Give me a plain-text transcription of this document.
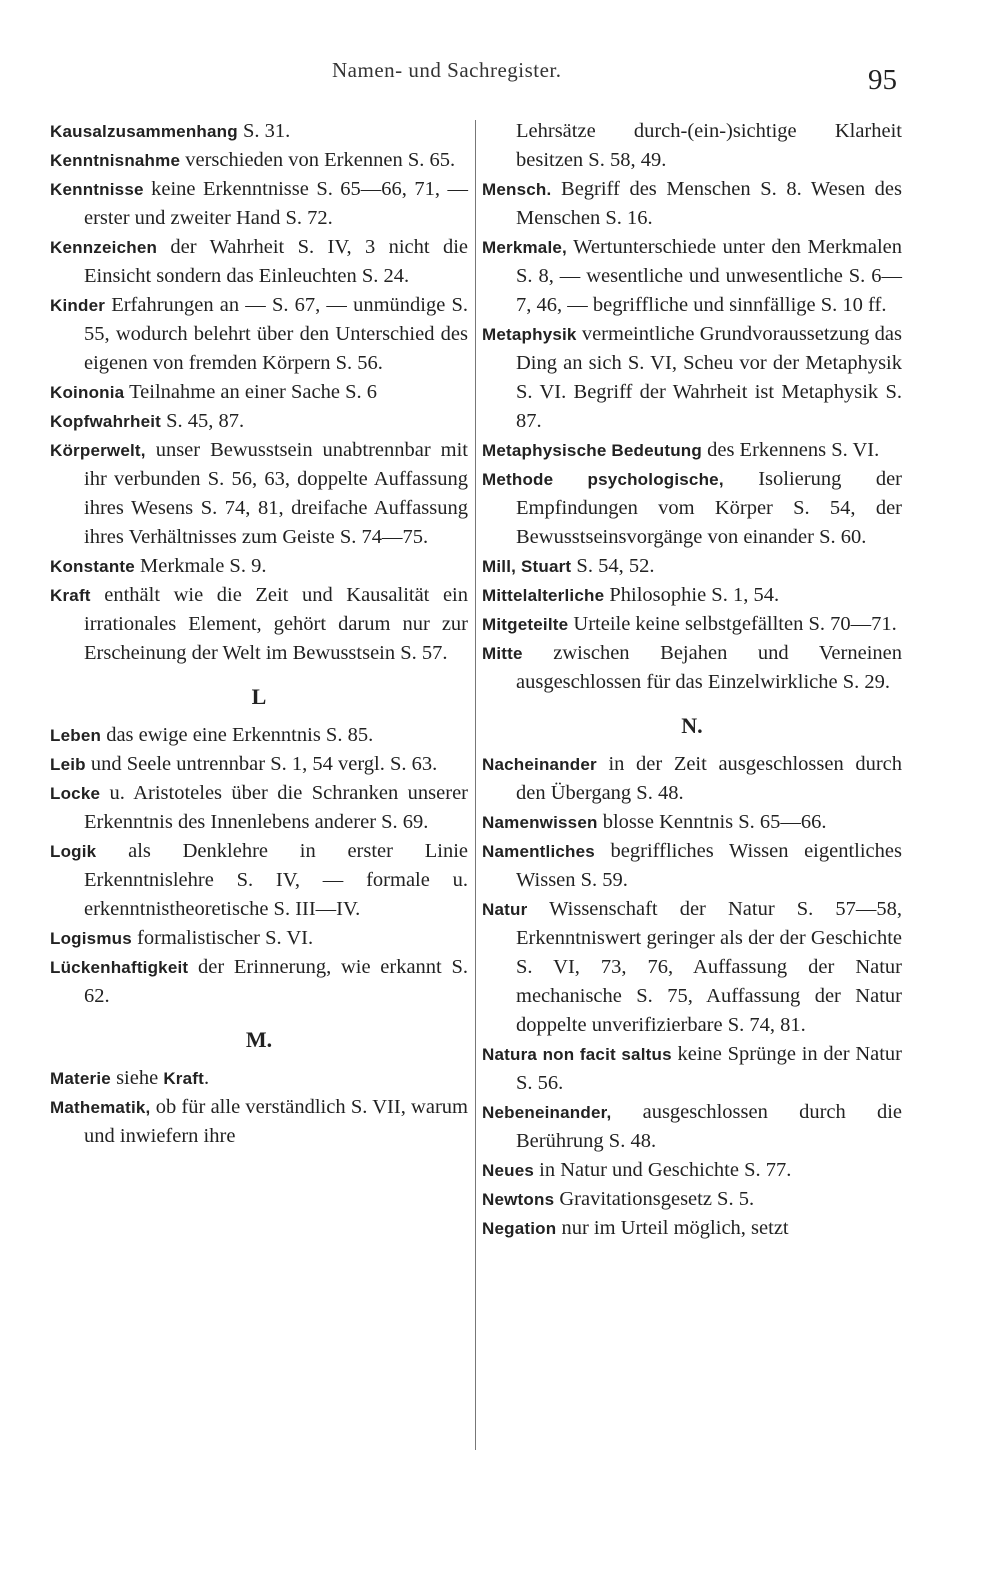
Namen- und Sachregister.	95
Kausalzusammenhang S. 31.
Kenntnisnahme verschieden von Erkennen S. 65.
Kenntnisse keine Erkenntnisse S. 65—66, 71, — erster und zweiter Hand S. 72.
Kennzeichen der Wahrheit S. IV, 3 nicht die Einsicht sondern das Einleuchten S. 24.
Kinder Erfahrungen an — S. 67, — unmündige S. 55, wodurch belehrt über den Unterschied des eigenen von fremden Körpern S. 56.
Koinonia Teilnahme an einer Sache S. 6
Kopfwahrheit S. 45, 87.
Körperwelt, unser Bewusstsein unabtrennbar mit ihr verbunden S. 56, 63, doppelte Auffassung ihres Wesens S. 74, 81, dreifache Auffassung ihres Verhältnisses zum Geiste S. 74—75.
Konstante Merkmale S. 9.
Kraft enthält wie die Zeit und Kausalität ein irrationales Element, gehört darum nur zur Erscheinung der Welt im Bewusstsein S. 57.
L
Leben das ewige eine Erkenntnis S. 85.
Leib und Seele untrennbar S. 1, 54 vergl. S. 63.
Locke u. Aristoteles über die Schranken unserer Erkenntnis des Innenlebens anderer S. 69.
Logik als Denklehre in erster Linie Erkenntnislehre S. IV, — formale u. erkenntnistheoretische S. III—IV.
Logismus formalistischer S. VI.
Lückenhaftigkeit der Erinnerung, wie erkannt S. 62.
M.
Materie siehe Kraft.
Mathematik, ob für alle verständlich S. VII, warum und inwiefern ihre
Lehrsätze durch-(ein-)sichtige Klarheit besitzen S. 58, 49.
Mensch. Begriff des Menschen S. 8. Wesen des Menschen S. 16.
Merkmale, Wertunterschiede unter den Merkmalen S. 8, — wesentliche und unwesentliche S. 6—7, 46, — begriffliche und sinnfällige S. 10 ff.
Metaphysik vermeintliche Grundvoraussetzung das Ding an sich S. VI, Scheu vor der Metaphysik S. VI. Begriff der Wahrheit ist Metaphysik S. 87.
Metaphysische Bedeutung des Erkennens S. VI.
Methode psychologische, Isolierung der Empfindungen vom Körper S. 54, der Bewusstseinsvorgänge von einander S. 60.
Mill, Stuart S. 54, 52.
Mittelalterliche Philosophie S. 1, 54.
Mitgeteilte Urteile keine selbstgefällten S. 70—71.
Mitte zwischen Bejahen und Verneinen ausgeschlossen für das Einzelwirkliche S. 29.
N.
Nacheinander in der Zeit ausgeschlossen durch den Übergang S. 48.
Namenwissen blosse Kenntnis S. 65—66.
Namentliches begriffliches Wissen eigentliches Wissen S. 59.
Natur Wissenschaft der Natur S. 57—58, Erkenntniswert geringer als der der Geschichte S. VI, 73, 76, Auffassung der Natur mechanische S. 75, Auffassung der Natur doppelte unverifizierbare S. 74, 81.
Natura non facit saltus keine Sprünge in der Natur S. 56.
Nebeneinander, ausgeschlossen durch die Berührung S. 48.
Neues in Natur und Geschichte S. 77.
Newtons Gravitationsgesetz S. 5.
Negation nur im Urteil möglich, setzt
